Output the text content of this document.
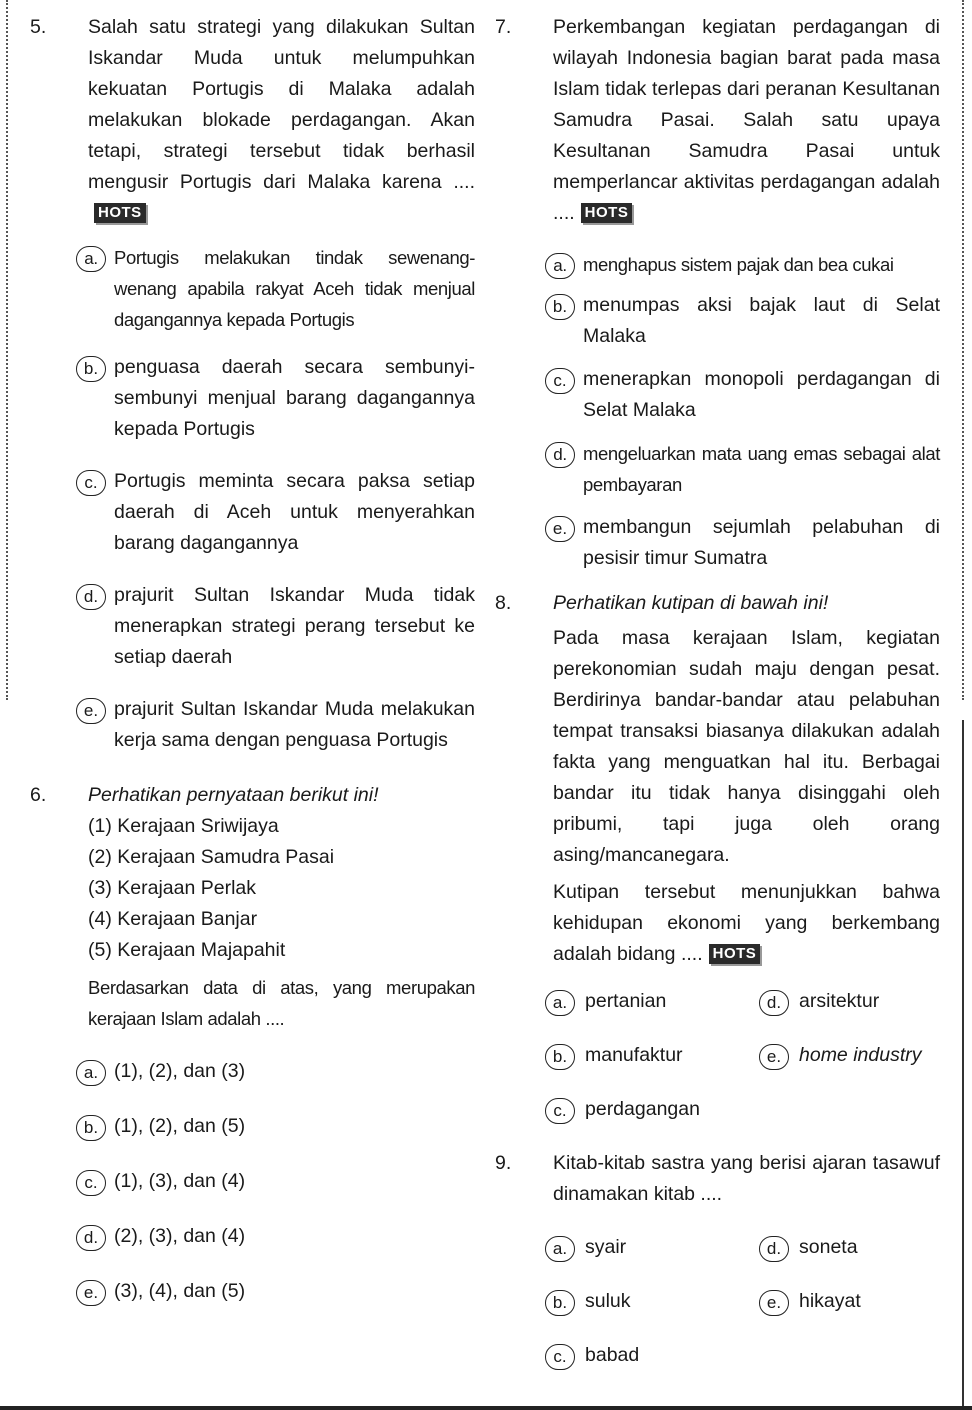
5. Salah satu strategi yang dilakukan Sultan Iskandar Muda untuk melumpuhkan kekuatan Portugis di Malaka adalah melakukan blokade perdagangan. Akan tetapi, strategi tersebut tidak berhasil mengusir Portugis dari Malaka karena ....HOTS
a. Portugis melakukan tindak sewenang-wenang apabila rakyat Aceh tidak menjual dagangannya kepada Portugis
b. penguasa daerah secara sembunyi-sembunyi menjual barang dagangannya kepada Portugis
c. Portugis meminta secara paksa setiap daerah di Aceh untuk menyerahkan barang dagangannya
d. prajurit Sultan Iskandar Muda tidak menerapkan strategi perang tersebut ke setiap daerah
e. prajurit Sultan Iskandar Muda melakukan kerja sama dengan penguasa Portugis
6. Perhatikan pernyataan berikut ini!
(1) Kerajaan Sriwijaya
(2) Kerajaan Samudra Pasai
(3) Kerajaan Perlak
(4) Kerajaan Banjar
(5) Kerajaan Majapahit
Berdasarkan data di atas, yang merupakan kerajaan Islam adalah ....
a. (1), (2), dan (3)
b. (1), (2), dan (5)
c. (1), (3), dan (4)
d. (2), (3), dan (4)
e. (3), (4), dan (5)
7. Perkembangan kegiatan perdagangan di wilayah Indonesia bagian barat pada masa Islam tidak terlepas dari peranan Kesultanan Samudra Pasai. Salah satu upaya Kesultanan Samudra Pasai untuk memperlancar aktivitas perdagangan adalah .... HOTS
a. menghapus sistem pajak dan bea cukai
b. menumpas aksi bajak laut di Selat Malaka
c. menerapkan monopoli perdagangan di Selat Malaka
d. mengeluarkan mata uang emas sebagai alat pembayaran
e. membangun sejumlah pelabuhan di pesisir timur Sumatra
8. Perhatikan kutipan di bawah ini!
Pada masa kerajaan Islam, kegiatan perekonomian sudah maju dengan pesat. Berdirinya bandar-bandar atau pelabuhan tempat transaksi biasanya dilakukan adalah fakta yang menguatkan hal itu. Berbagai bandar itu tidak hanya disinggahi oleh pribumi, tapi juga oleh orang asing/mancanegara.
Kutipan tersebut menunjukkan bahwa kehidupan ekonomi yang berkembang adalah bidang .... HOTS
a. pertanian	d. arsitektur
b. manufaktur	e. home industry
c. perdagangan
9. Kitab-kitab sastra yang berisi ajaran tasawuf dinamakan kitab ....
a. syair	d. soneta
b. suluk	e. hikayat
c. babad
